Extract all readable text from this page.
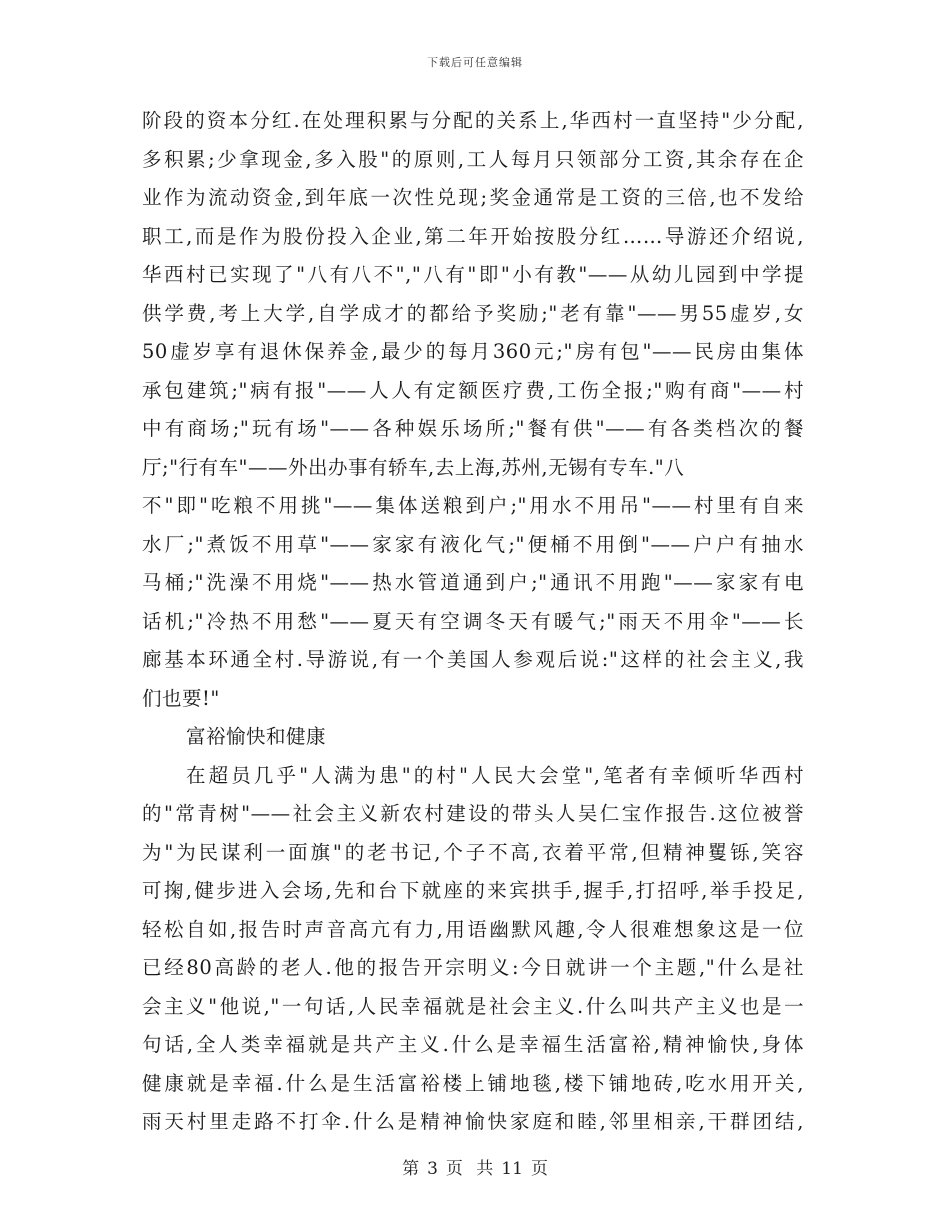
下载后可任意编辑
阶段的资本分红.在处理积累与分配的关系上,华西村一直坚持"少分配,
多积累;少拿现金,多入股"的原则,工人每月只领部分工资,其余存在企
业作为流动资金,到年底一次性兑现;奖金通常是工资的三倍,也不发给
职工,而是作为股份投入企业,第二年开始按股分红……导游还介绍说,
华西村已实现了"八有八不","八有"即"小有教"——从幼儿园到中学提
供学费,考上大学,自学成才的都给予奖励;"老有靠"——男55虚岁,女
50虚岁享有退休保养金,最少的每月360元;"房有包"——民房由集体
承包建筑;"病有报"——人人有定额医疗费,工伤全报;"购有商"——村
中有商场;"玩有场"——各种娱乐场所;"餐有供"——有各类档次的餐
厅;"行有车"——外出办事有轿车,去上海,苏州,无锡有专车."八
不"即"吃粮不用挑"——集体送粮到户;"用水不用吊"——村里有自来
水厂;"煮饭不用草"——家家有液化气;"便桶不用倒"——户户有抽水
马桶;"洗澡不用烧"——热水管道通到户;"通讯不用跑"——家家有电
话机;"冷热不用愁"——夏天有空调冬天有暖气;"雨天不用伞"——长
廊基本环通全村.导游说,有一个美国人参观后说:"这样的社会主义,我
们也要!"
富裕愉快和健康
在超员几乎"人满为患"的村"人民大会堂",笔者有幸倾听华西村
的"常青树"——社会主义新农村建设的带头人吴仁宝作报告.这位被誉
为"为民谋利一面旗"的老书记,个子不高,衣着平常,但精神矍铄,笑容
可掬,健步进入会场,先和台下就座的来宾拱手,握手,打招呼,举手投足,
轻松自如,报告时声音高亢有力,用语幽默风趣,令人很难想象这是一位
已经80高龄的老人.他的报告开宗明义:今日就讲一个主题,"什么是社
会主义"他说,"一句话,人民幸福就是社会主义.什么叫共产主义也是一
句话,全人类幸福就是共产主义.什么是幸福生活富裕,精神愉快,身体
健康就是幸福.什么是生活富裕楼上铺地毯,楼下铺地砖,吃水用开关,
雨天村里走路不打伞.什么是精神愉快家庭和睦,邻里相亲,干群团结,
第 3 页 共 11 页
